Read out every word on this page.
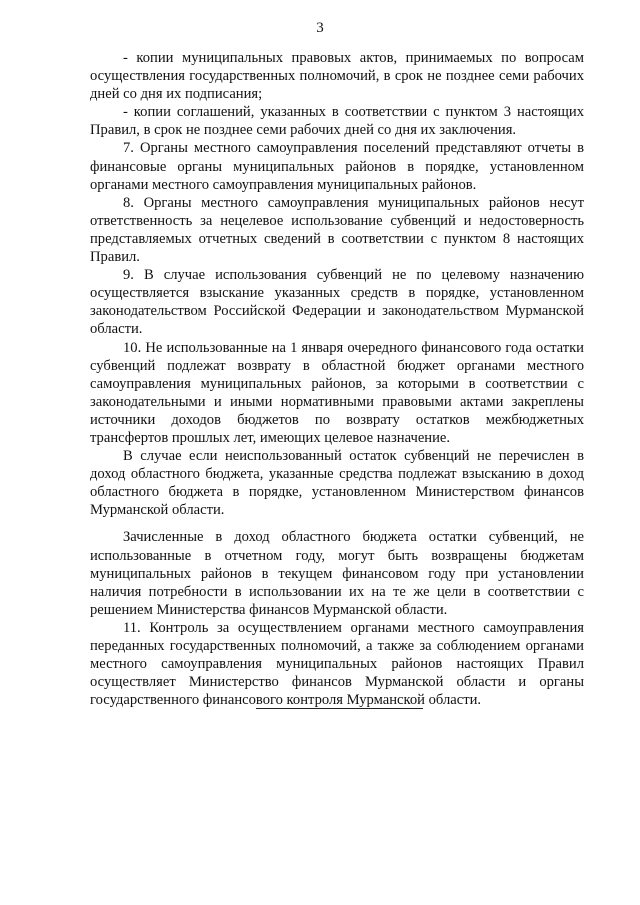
3

- копии муниципальных правовых актов, принимаемых по вопросам осуществления государственных полномочий, в срок не позднее семи рабочих дней со дня их подписания;

- копии соглашений, указанных в соответствии с пунктом 3 настоящих Правил, в срок не позднее семи рабочих дней со дня их заключения.

7. Органы местного самоуправления поселений представляют отчеты в финансовые органы муниципальных районов в порядке, установленном органами местного самоуправления муниципальных районов.

8. Органы местного самоуправления муниципальных районов несут ответственность за нецелевое использование субвенций и недостоверность представляемых отчетных сведений в соответствии с пунктом 8 настоящих Правил.

9. В случае использования субвенций не по целевому назначению осуществляется взыскание указанных средств в порядке, установленном законодательством Российской Федерации и законодательством Мурманской области.

10. Не использованные на 1 января очередного финансового года остатки субвенций подлежат возврату в областной бюджет органами местного самоуправления муниципальных районов, за которыми в соответствии с законодательными и иными нормативными правовыми актами закреплены источники доходов бюджетов по возврату остатков межбюджетных трансфертов прошлых лет, имеющих целевое назначение.

В случае если неиспользованный остаток субвенций не перечислен в доход областного бюджета, указанные средства подлежат взысканию в доход областного бюджета в порядке, установленном Министерством финансов Мурманской области.

Зачисленные в доход областного бюджета остатки субвенций, не использованные в отчетном году, могут быть возвращены бюджетам муниципальных районов в текущем финансовом году при установлении наличия потребности в использовании их на те же цели в соответствии с решением Министерства финансов Мурманской области.

11. Контроль за осуществлением органами местного самоуправления переданных государственных полномочий, а также за соблюдением органами местного самоуправления муниципальных районов настоящих Правил осуществляет Министерство финансов Мурманской области и органы государственного финансового контроля Мурманской области.
